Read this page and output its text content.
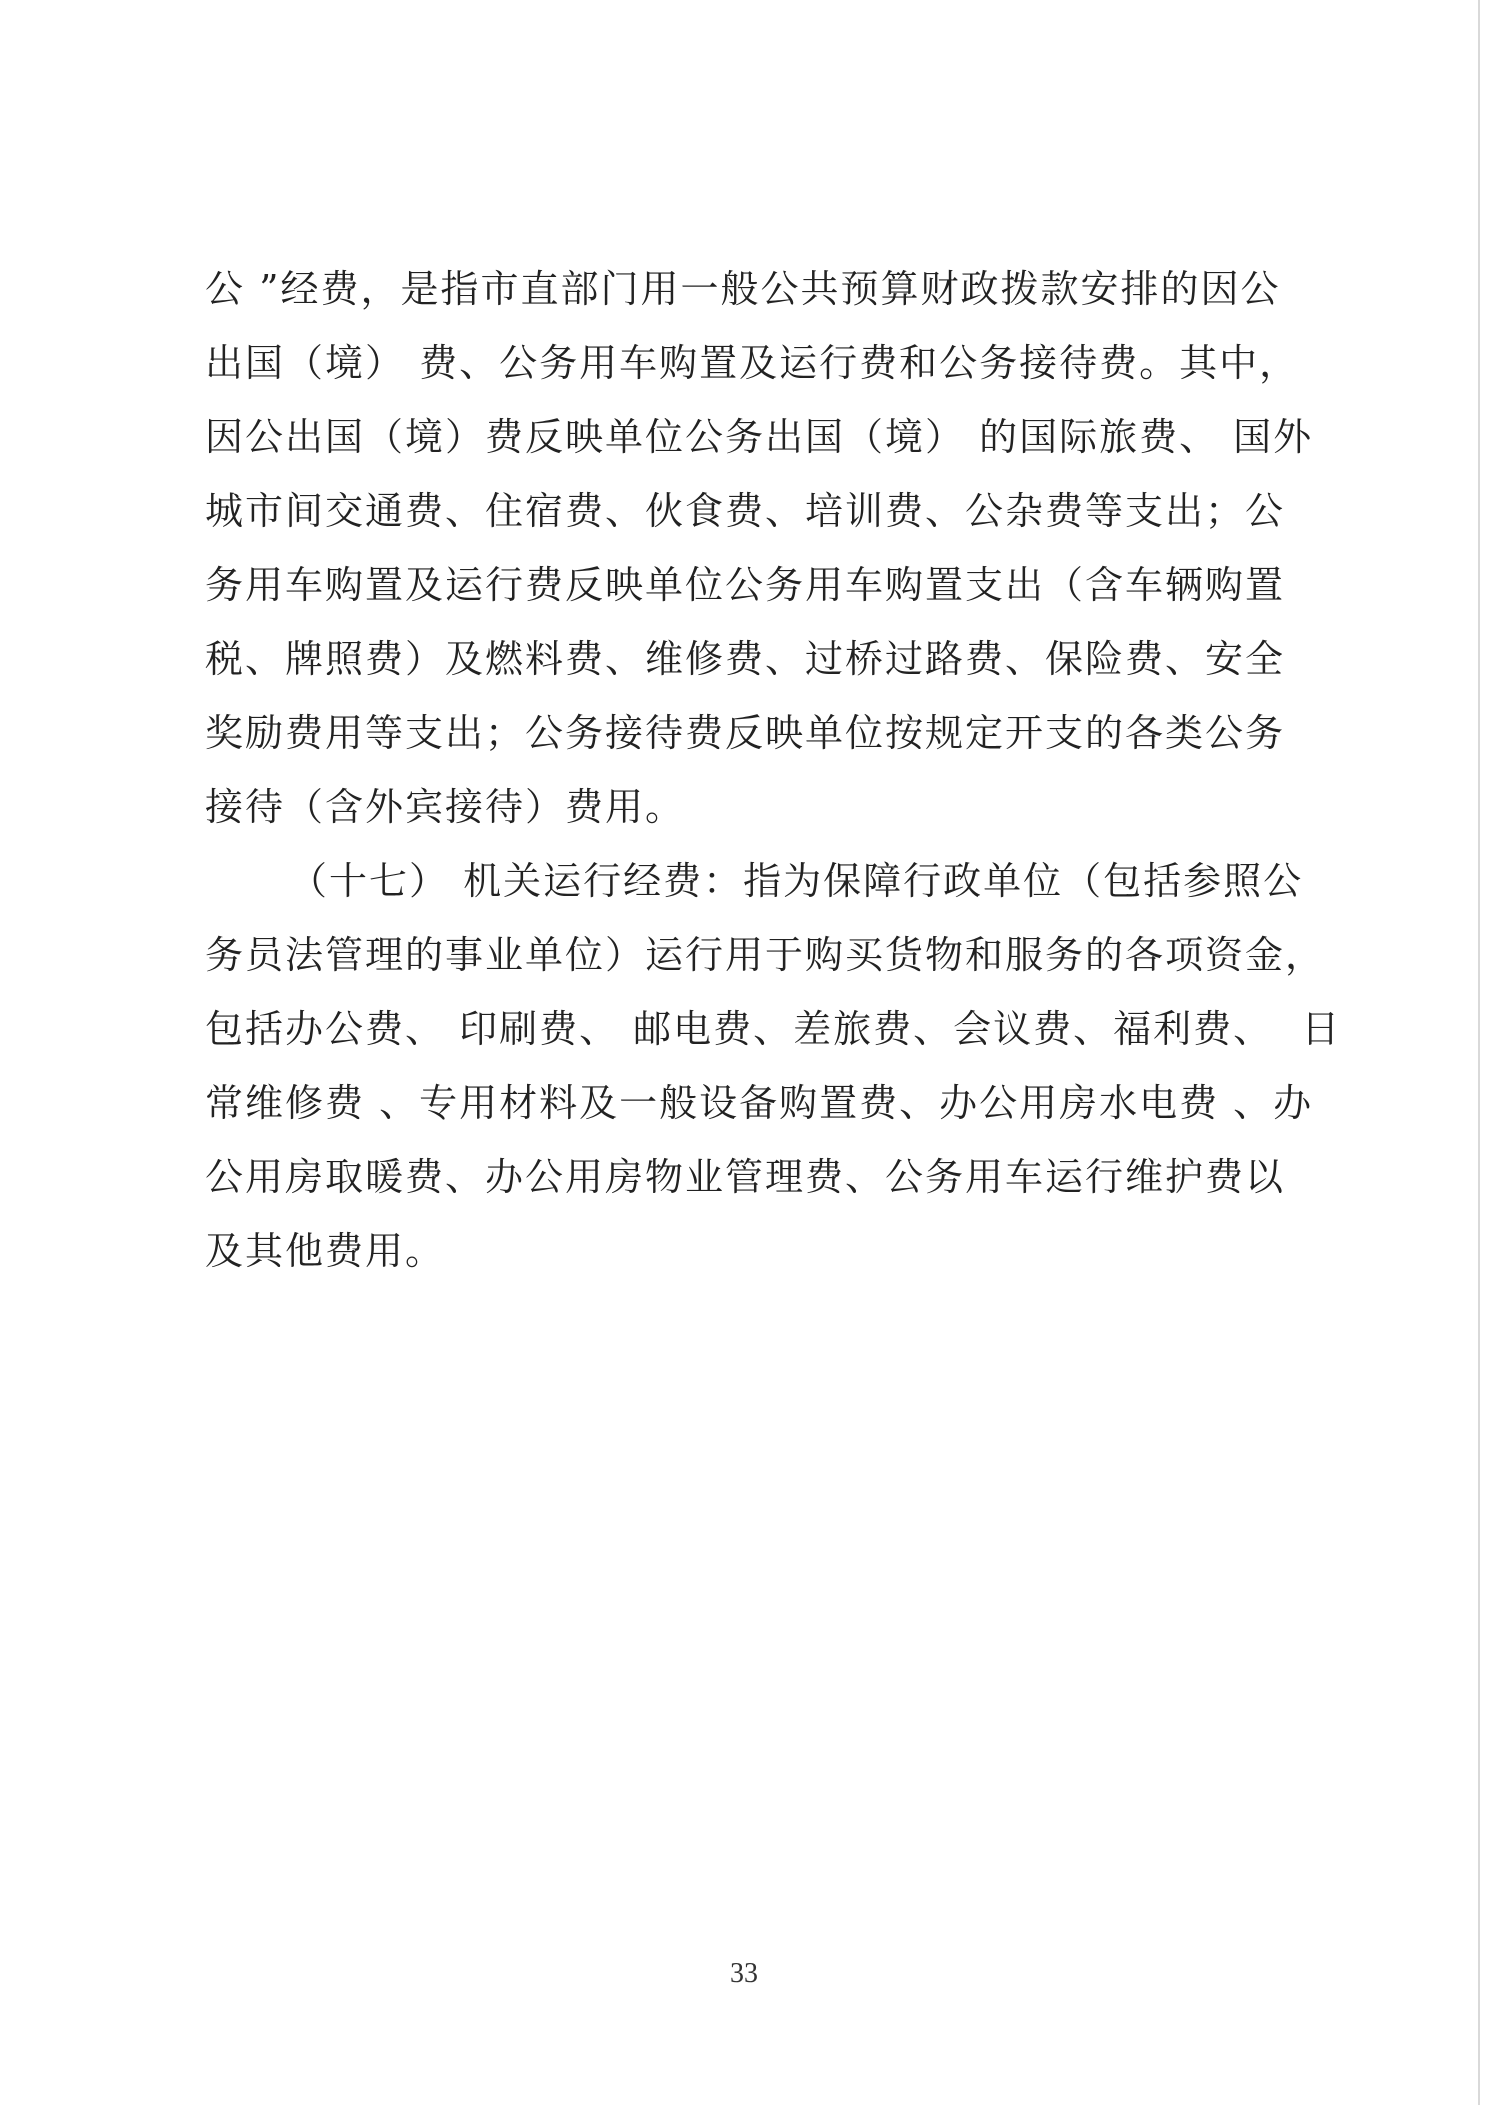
公 ”经费，是指市直部门用一般公共预算财政拨款安排的因公
出国（境） 费、公务用车购置及运行费和公务接待费。其中，
因公出国（境）费反映单位公务出国（境） 的国际旅费、 国外
城市间交通费、住宿费、伙食费、培训费、公杂费等支出；公
务用车购置及运行费反映单位公务用车购置支出（含车辆购置
税、牌照费）及燃料费、维修费、过桥过路费、保险费、安全
奖励费用等支出；公务接待费反映单位按规定开支的各类公务
接待（含外宾接待）费用。
（十七） 机关运行经费：指为保障行政单位（包括参照公
务员法管理的事业单位）运行用于购买货物和服务的各项资金，
包括办公费、 印刷费、 邮电费、差旅费、会议费、福利费、  日
常维修费 、专用材料及一般设备购置费、办公用房水电费 、办
公用房取暖费、办公用房物业管理费、公务用车运行维护费以
及其他费用。
33
